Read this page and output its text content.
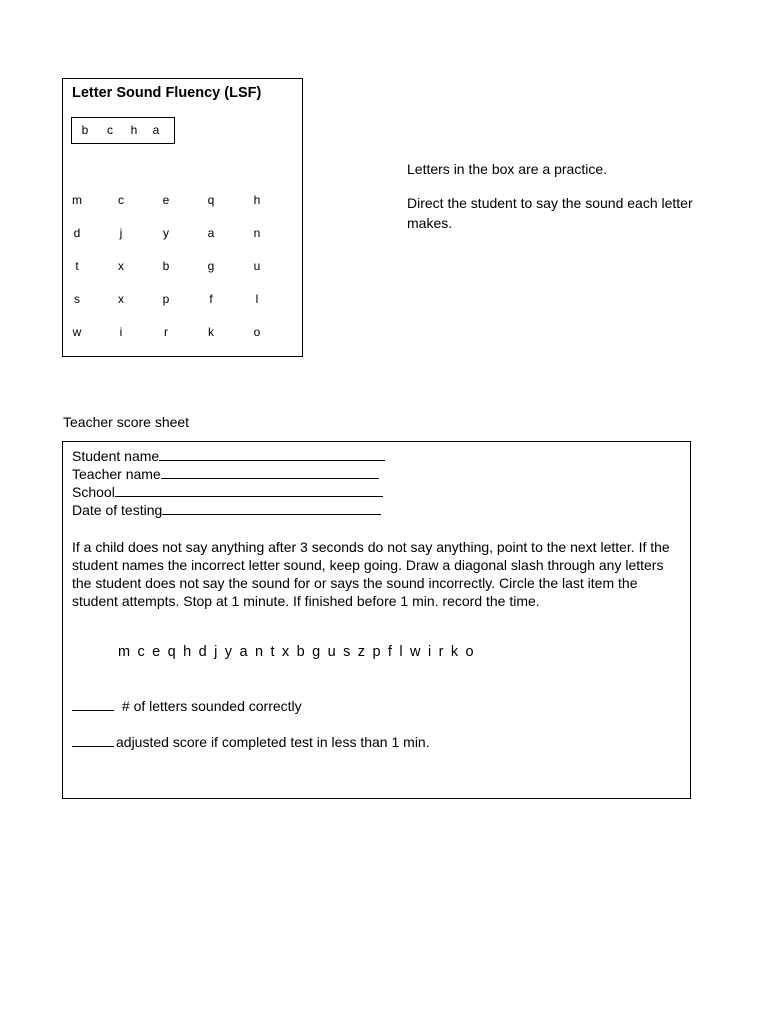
Letter Sound Fluency (LSF)
b c h a
m	c	e	q	h
d	j	y	a	n
t	x	b	g	u
s	x	p	f	l
w	i	r	k	o
Letters in the box are a practice.
Direct the student to say the sound each letter makes.
Teacher score sheet
Student name
Teacher name
School
Date of testing
If a child does not say anything after 3 seconds do not say anything, point to the next letter. If the student names the incorrect letter sound, keep going. Draw a diagonal slash through any letters the student does not say the sound for or says the sound incorrectly. Circle the last item the student attempts. Stop at 1 minute. If finished before 1 min. record the time.
m c e q h d j y a n t x b g u s z p f l w i r k o
# of letters sounded correctly
adjusted score if completed test in less than 1 min.
